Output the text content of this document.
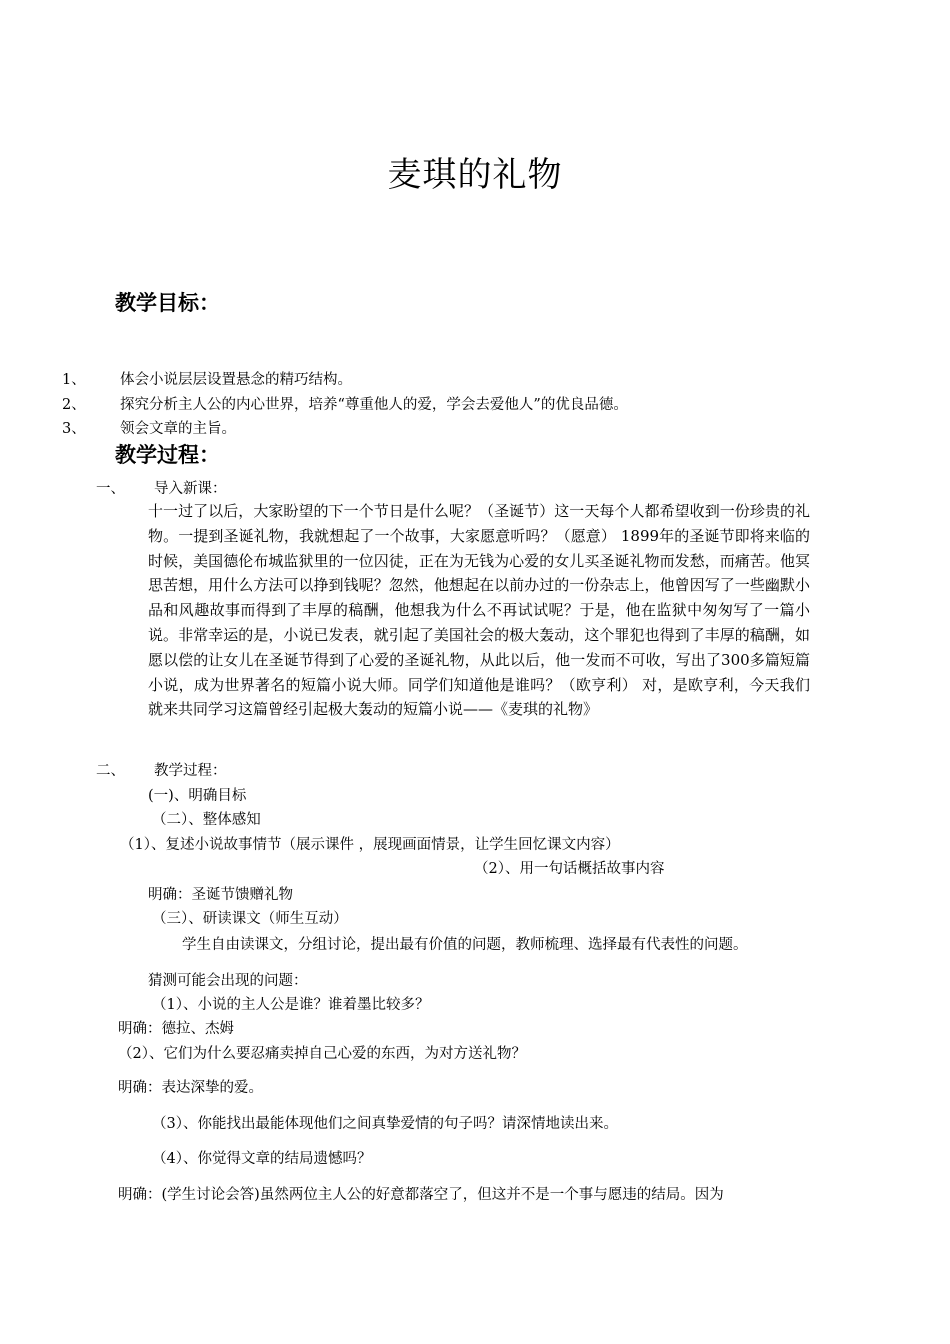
麦琪的礼物
教学目标：
1、 体会小说层层设置悬念的精巧结构。
2、 探究分析主人公的内心世界，培养“尊重他人的爱，学会去爱他人”的优良品德。
3、 领会文章的主旨。
教学过程：
一、 导入新课：
十一过了以后，大家盼望的下一个节日是什么呢？（圣诞节）这一天每个人都希望收到一份珍贵的礼物。一提到圣诞礼物，我就想起了一个故事，大家愿意听吗？（愿意） 1899年的圣诞节即将来临的时候，美国德伦布城监狱里的一位囚徒，正在为无钱为心爱的女儿买圣诞礼物而发愁，而痛苦。他冥思苦想，用什么方法可以挣到钱呢？忽然，他想起在以前办过的一份杂志上，他曾因写了一些幽默小品和风趣故事而得到了丰厚的稿酬，他想我为什么不再试试呢？于是，他在监狱中匆匆写了一篇小说。非常幸运的是，小说已发表，就引起了美国社会的极大轰动，这个罪犯也得到了丰厚的稿酬，如愿以偿的让女儿在圣诞节得到了心爱的圣诞礼物，从此以后，他一发而不可收，写出了300多篇短篇小说，成为世界著名的短篇小说大师。同学们知道他是谁吗？（欧亨利） 对，是欧亨利，今天我们就来共同学习这篇曾经引起极大轰动的短篇小说——《麦琪的礼物》
二、 教学过程：
(一)、明确目标
（二）、整体感知
（1）、复述小说故事情节（展示课件 ，展现画面情景，让学生回忆课文内容）
（2）、用一句话概括故事内容
明确：圣诞节馈赠礼物
（三）、研读课文（师生互动）
学生自由读课文，分组讨论，提出最有价值的问题，教师梳理、选择最有代表性的问题。
猜测可能会出现的问题：
（1）、小说的主人公是谁？谁着墨比较多？
明确：德拉、杰姆
（2）、它们为什么要忍痛卖掉自己心爱的东西，为对方送礼物？
明确：表达深挚的爱。
（3）、你能找出最能体现他们之间真挚爱情的句子吗？请深情地读出来。
（4）、你觉得文章的结局遗憾吗？
明确：(学生讨论会答)虽然两位主人公的好意都落空了，但这并不是一个事与愿违的结局。因为
